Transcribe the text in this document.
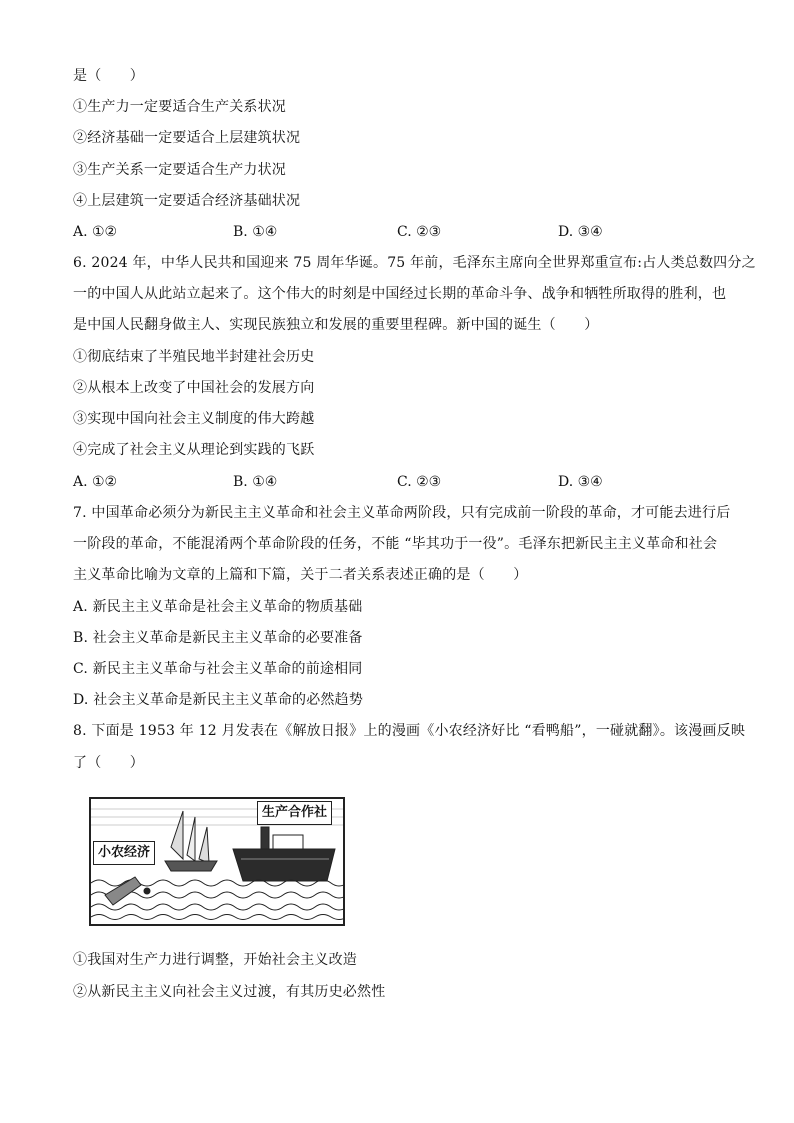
是（　　）
①生产力一定要适合生产关系状况
②经济基础一定要适合上层建筑状况
③生产关系一定要适合生产力状况
④上层建筑一定要适合经济基础状况
A. ①②	B. ①④	C. ②③	D. ③④
6. 2024 年，中华人民共和国迎来 75 周年华诞。75 年前，毛泽东主席向全世界郑重宣布:占人类总数四分之
一的中国人从此站立起来了。这个伟大的时刻是中国经过长期的革命斗争、战争和牺牲所取得的胜利，也
是中国人民翻身做主人、实现民族独立和发展的重要里程碑。新中国的诞生（　　）
①彻底结束了半殖民地半封建社会历史
②从根本上改变了中国社会的发展方向
③实现中国向社会主义制度的伟大跨越
④完成了社会主义从理论到实践的飞跃
A. ①②	B. ①④	C. ②③	D. ③④
7. 中国革命必须分为新民主主义革命和社会主义革命两阶段，只有完成前一阶段的革命，才可能去进行后
一阶段的革命，不能混淆两个革命阶段的任务，不能 “毕其功于一役”。毛泽东把新民主主义革命和社会
主义革命比喻为文章的上篇和下篇，关于二者关系表述正确的是（　　）
A. 新民主主义革命是社会主义革命的物质基础
B. 社会主义革命是新民主主义革命的必要准备
C. 新民主主义革命与社会主义革命的前途相同
D. 社会主义革命是新民主主义革命的必然趋势
8. 下面是 1953 年 12 月发表在《解放日报》上的漫画《小农经济好比 “看鸭船”，一碰就翻》。该漫画反映
了（　　）
小农经济
生产合作社
①我国对生产力进行调整，开始社会主义改造
②从新民主主义向社会主义过渡，有其历史必然性
